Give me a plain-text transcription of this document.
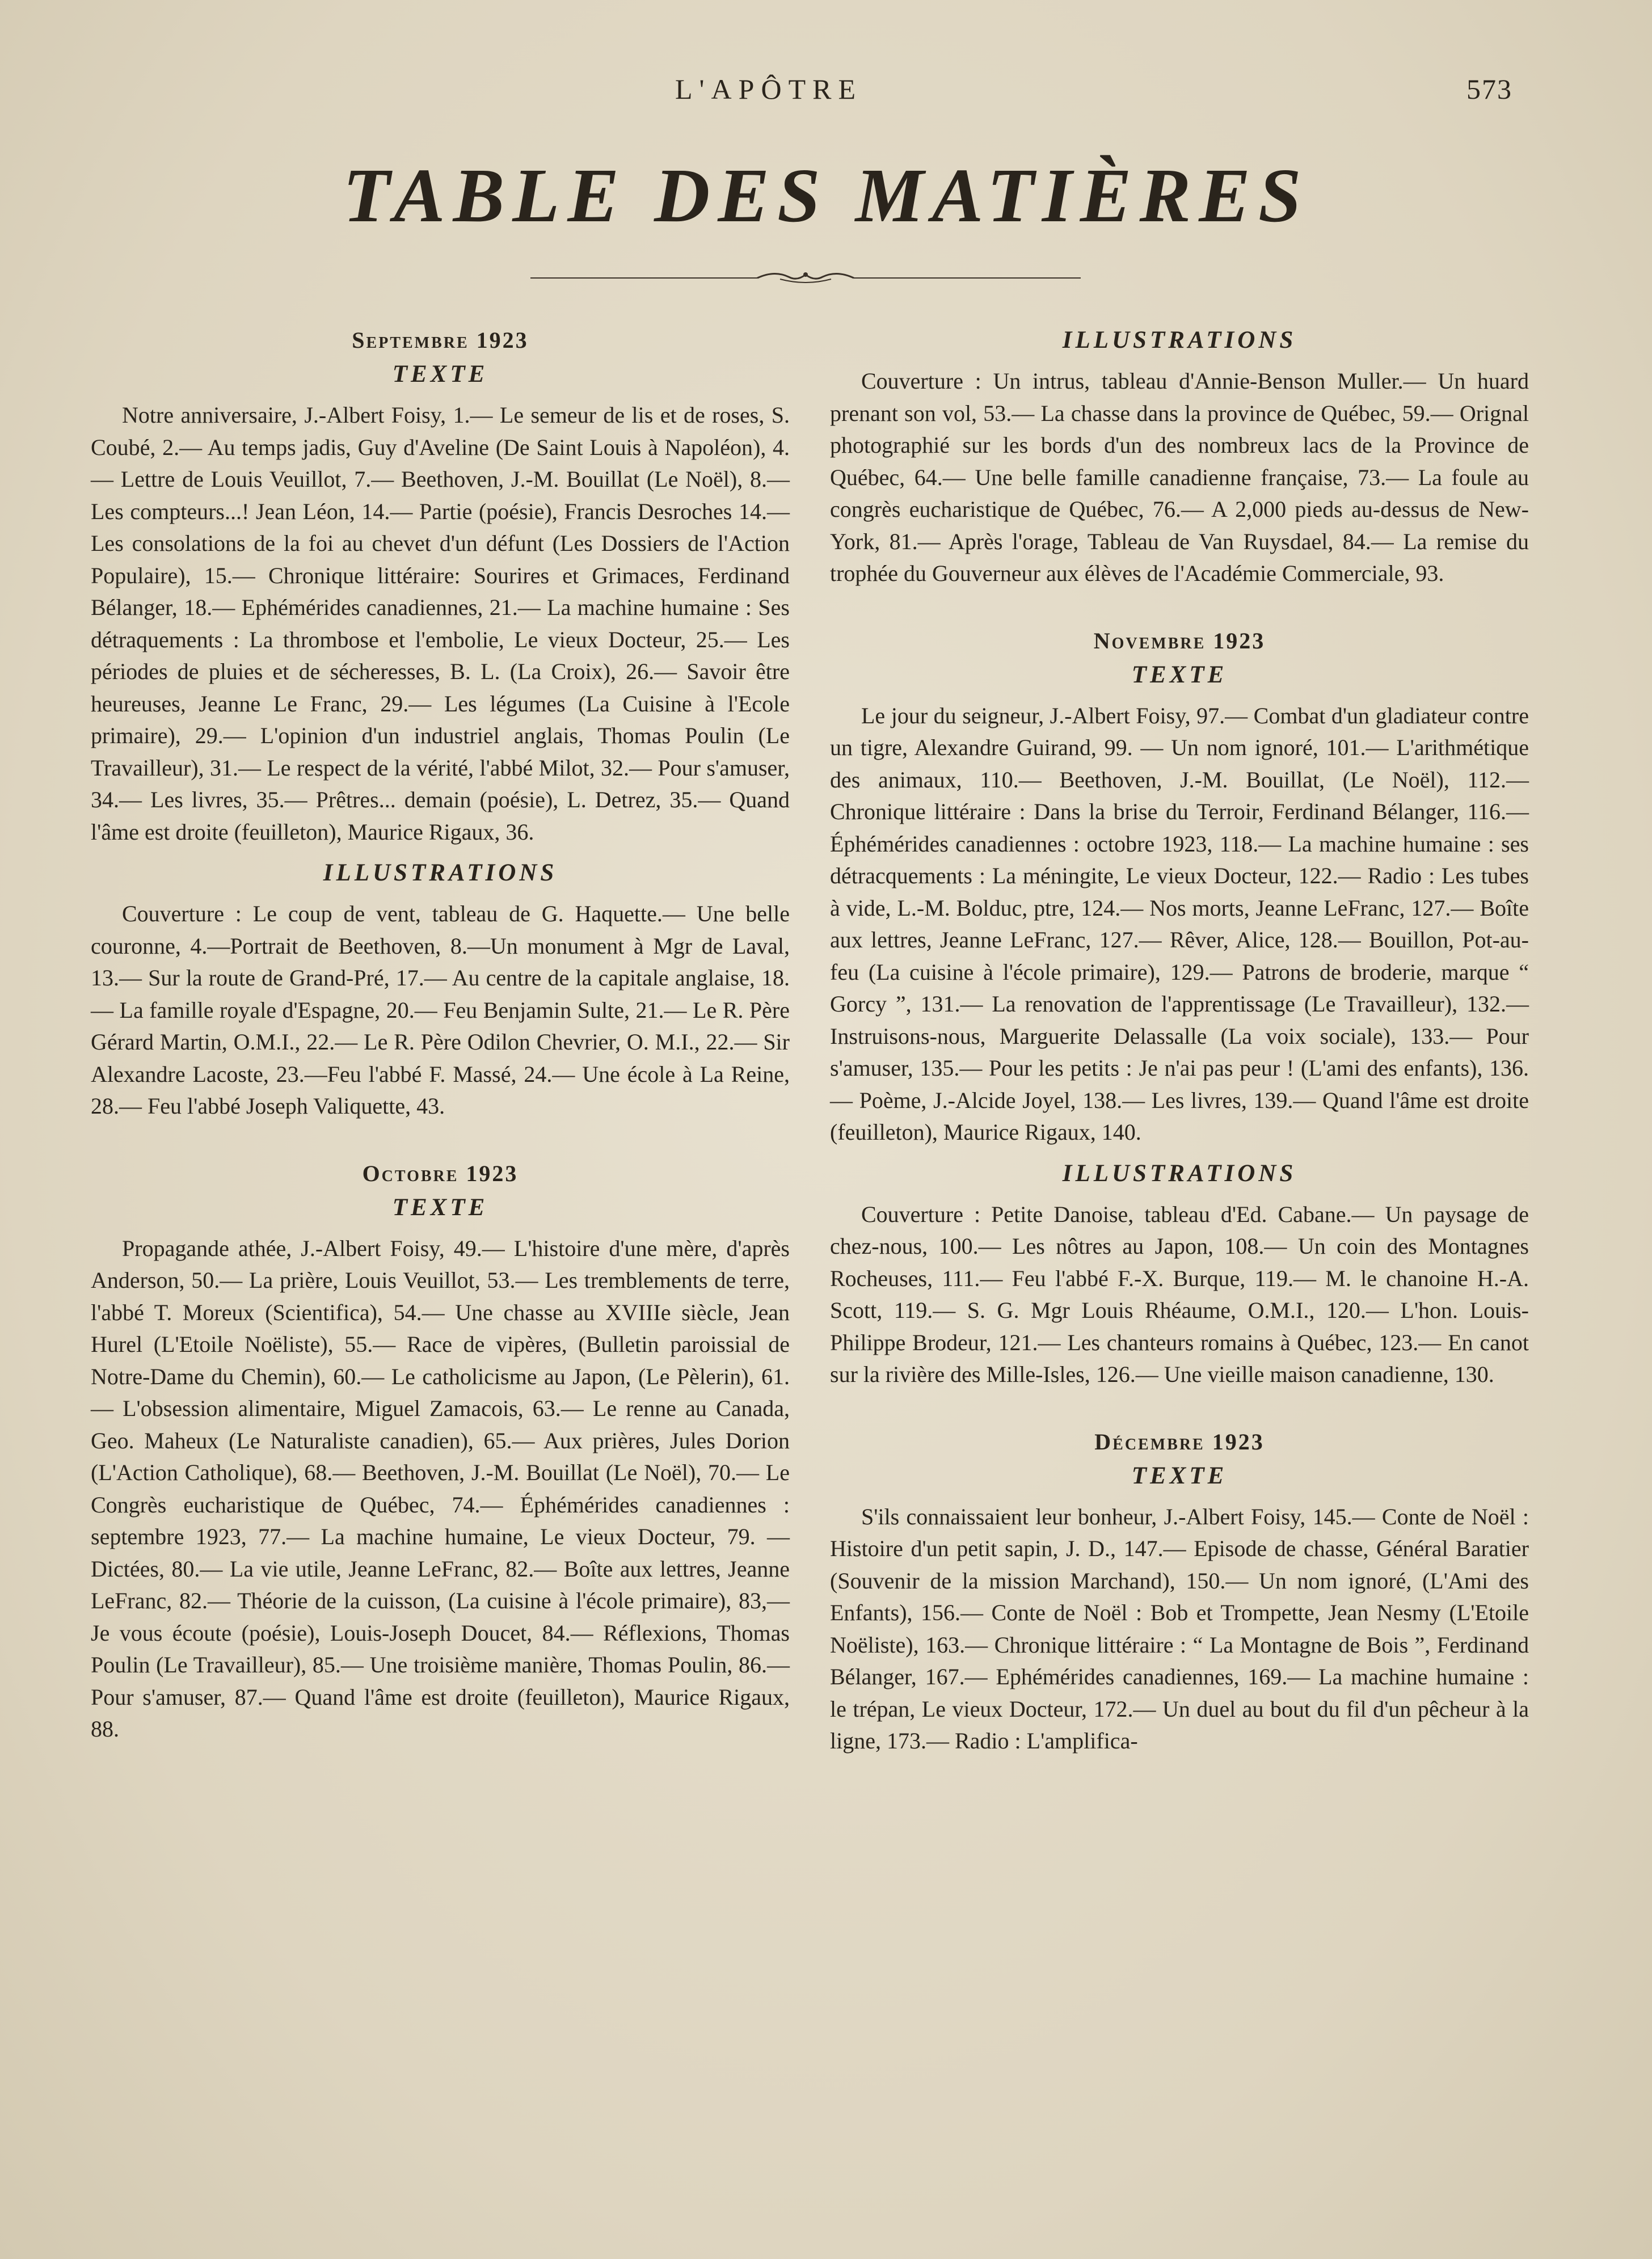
L'APÔTRE	573
TABLE DES MATIÈRES
Septembre 1923
TEXTE

Notre anniversaire, J.-Albert Foisy, 1.— Le semeur de lis et de roses, S. Coubé, 2.— Au temps jadis, Guy d'Aveline (De Saint Louis à Napoléon), 4.— Lettre de Louis Veuillot, 7.— Beethoven, J.-M. Bouillat (Le Noël), 8.— Les compteurs...! Jean Léon, 14.— Partie (poésie), Francis Desroches 14.— Les consolations de la foi au chevet d'un défunt (Les Dossiers de l'Action Populaire), 15.— Chronique littéraire: Sourires et Grimaces, Ferdinand Bélanger, 18.— Ephémérides canadiennes, 21.— La machine humaine : Ses détraquements : La thrombose et l'embolie, Le vieux Docteur, 25.— Les périodes de pluies et de sécheresses, B. L. (La Croix), 26.— Savoir être heureuses, Jeanne Le Franc, 29.— Les légumes (La Cuisine à l'Ecole primaire), 29.— L'opinion d'un industriel anglais, Thomas Poulin (Le Travailleur), 31.— Le respect de la vérité, l'abbé Milot, 32.— Pour s'amuser, 34.— Les livres, 35.— Prêtres... demain (poésie), L. Detrez, 35.— Quand l'âme est droite (feuilleton), Maurice Rigaux, 36.

ILLUSTRATIONS

Couverture : Le coup de vent, tableau de G. Haquette.— Une belle couronne, 4.—Portrait de Beethoven, 8.—Un monument à Mgr de Laval, 13.— Sur la route de Grand-Pré, 17.— Au centre de la capitale anglaise, 18.— La famille royale d'Espagne, 20.— Feu Benjamin Sulte, 21.— Le R. Père Gérard Martin, O.M.I., 22.— Le R. Père Odilon Chevrier, O. M.I., 22.— Sir Alexandre Lacoste, 23.—Feu l'abbé F. Massé, 24.— Une école à La Reine, 28.— Feu l'abbé Joseph Valiquette, 43.

Octobre 1923
TEXTE

Propagande athée, J.-Albert Foisy, 49.— L'histoire d'une mère, d'après Anderson, 50.— La prière, Louis Veuillot, 53.— Les tremblements de terre, l'abbé T. Moreux (Scientifica), 54.— Une chasse au XVIIIe siècle, Jean Hurel (L'Etoile Noëliste), 55.— Race de vipères, (Bulletin paroissial de Notre-Dame du Chemin), 60.— Le catholicisme au Japon, (Le Pèlerin), 61.— L'obsession alimentaire, Miguel Zamacois, 63.— Le renne au Canada, Geo. Maheux (Le Naturaliste canadien), 65.— Aux prières, Jules Dorion (L'Action Catholique), 68.— Beethoven, J.-M. Bouillat (Le Noël), 70.— Le Congrès eucharistique de Québec, 74.— Éphémérides canadiennes : septembre 1923, 77.— La machine humaine, Le vieux Docteur, 79. — Dictées, 80.— La vie utile, Jeanne LeFranc, 82.— Boîte aux lettres, Jeanne LeFranc, 82.— Théorie de la cuisson, (La cuisine à l'école primaire), 83,— Je vous écoute (poésie), Louis-Joseph Doucet, 84.— Réflexions, Thomas Poulin (Le Travailleur), 85.— Une troisième manière, Thomas Poulin, 86.— Pour s'amuser, 87.— Quand l'âme est droite (feuilleton), Maurice Rigaux, 88.

ILLUSTRATIONS

Couverture : Un intrus, tableau d'Annie-Benson Muller.— Un huard prenant son vol, 53.— La chasse dans la province de Québec, 59.— Orignal photographié sur les bords d'un des nombreux lacs de la Province de Québec, 64.— Une belle famille canadienne française, 73.— La foule au congrès eucharistique de Québec, 76.— A 2,000 pieds au-dessus de New-York, 81.— Après l'orage, Tableau de Van Ruysdael, 84.— La remise du trophée du Gouverneur aux élèves de l'Académie Commerciale, 93.

Novembre 1923
TEXTE

Le jour du seigneur, J.-Albert Foisy, 97.— Combat d'un gladiateur contre un tigre, Alexandre Guirand, 99. — Un nom ignoré, 101.— L'arithmétique des animaux, 110.— Beethoven, J.-M. Bouillat, (Le Noël), 112.— Chronique littéraire : Dans la brise du Terroir, Ferdinand Bélanger, 116.— Éphémérides canadiennes : octobre 1923, 118.— La machine humaine : ses détracquements : La méningite, Le vieux Docteur, 122.— Radio : Les tubes à vide, L.-M. Bolduc, ptre, 124.— Nos morts, Jeanne LeFranc, 127.— Boîte aux lettres, Jeanne LeFranc, 127.— Rêver, Alice, 128.— Bouillon, Pot-au-feu (La cuisine à l'école primaire), 129.— Patrons de broderie, marque “ Gorcy ”, 131.— La renovation de l'apprentissage (Le Travailleur), 132.— Instruisons-nous, Marguerite Delassalle (La voix sociale), 133.— Pour s'amuser, 135.— Pour les petits : Je n'ai pas peur ! (L'ami des enfants), 136. — Poème, J.-Alcide Joyel, 138.— Les livres, 139.— Quand l'âme est droite (feuilleton), Maurice Rigaux, 140.

ILLUSTRATIONS

Couverture : Petite Danoise, tableau d'Ed. Cabane.— Un paysage de chez-nous, 100.— Les nôtres au Japon, 108.— Un coin des Montagnes Rocheuses, 111.— Feu l'abbé F.-X. Burque, 119.— M. le chanoine H.-A. Scott, 119.— S. G. Mgr Louis Rhéaume, O.M.I., 120.— L'hon. Louis-Philippe Brodeur, 121.— Les chanteurs romains à Québec, 123.— En canot sur la rivière des Mille-Isles, 126.— Une vieille maison canadienne, 130.

Décembre 1923
TEXTE

S'ils connaissaient leur bonheur, J.-Albert Foisy, 145.— Conte de Noël : Histoire d'un petit sapin, J. D., 147.— Episode de chasse, Général Baratier (Souvenir de la mission Marchand), 150.— Un nom ignoré, (L'Ami des Enfants), 156.— Conte de Noël : Bob et Trompette, Jean Nesmy (L'Etoile Noëliste), 163.— Chronique littéraire : “ La Montagne de Bois ”, Ferdinand Bélanger, 167.— Ephémérides canadiennes, 169.— La machine humaine : le trépan, Le vieux Docteur, 172.— Un duel au bout du fil d'un pêcheur à la ligne, 173.— Radio : L'amplifica-
